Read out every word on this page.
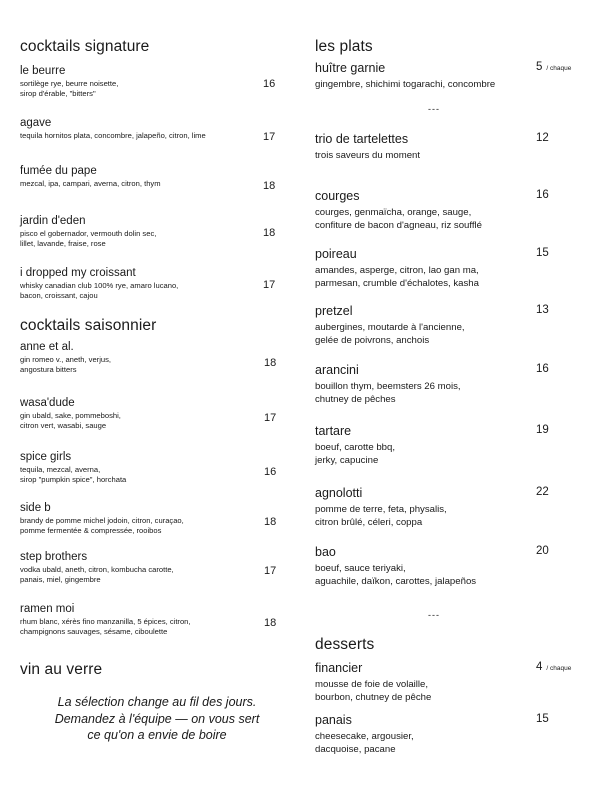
cocktails signature
le beurre
sortilège rye, beurre noisette,
sirop d'érable, "bitters"
16
agave
tequila hornitos plata, concombre, jalapeño, citron, lime	17
fumée du pape
mezcal, ipa, campari, averna, citron, thym	18
jardin d'eden
pisco el gobernador, vermouth dolin sec,
lillet, lavande, fraise, rose
18
i dropped my croissant
whisky canadian club 100% rye, amaro lucano,
bacon, croissant, cajou
17
cocktails saisonnier
anne et al.
gin romeo v., aneth, verjus,
angostura bitters
18
wasa'dude
gin ubald, sake, pommeboshi,
citron vert, wasabi, sauge
17
spice girls
tequila, mezcal, averna,
sirop "pumpkin spice", horchata
16
side b
brandy de pomme michel jodoin, citron, curaçao,
pomme fermentée & compressée, rooibos
18
step brothers
vodka ubald, aneth, citron, kombucha carotte,
panais, miel, gingembre
17
ramen moi
rhum blanc, xérès fino manzanilla, 5 épices, citron,
champignons sauvages, sésame, ciboulette
18
vin au verre
La sélection change au fil des jours.
Demandez à l'équipe — on vous sert
ce qu'on a envie de boire
les plats
huître garnie
gingembre, shichimi togarachi, concombre
5 / chaque
---
trio de tartelettes
trois saveurs du moment
12
courges
courges, genmaïcha, orange, sauge,
confiture de bacon d'agneau, riz soufflé
16
poireau
amandes, asperge, citron, lao gan ma,
parmesan, crumble d'échalotes, kasha
15
pretzel
aubergines, moutarde à l'ancienne,
gelée de poivrons, anchois
13
arancini
bouillon thym, beemsters 26 mois,
chutney de pêches
16
tartare
boeuf, carotte bbq,
jerky, capucine
19
agnolotti
pomme de terre, feta, physalis,
citron brûlé, céleri, coppa
22
bao
boeuf, sauce teriyaki,
aguachile, daïkon, carottes, jalapeños
20
---
desserts
financier
mousse de foie de volaille,
bourbon, chutney de pêche
4 / chaque
panais
cheesecake, argousier,
dacquoise, pacane
15
